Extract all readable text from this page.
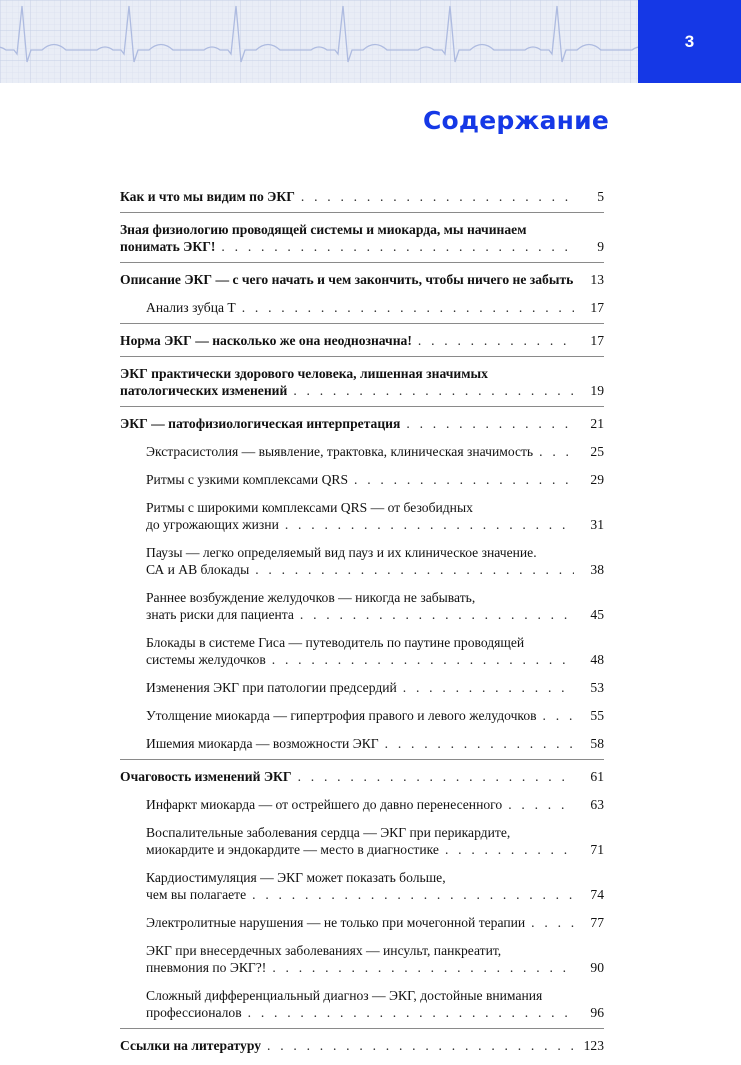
3
Содержание
Как и что мы видим по ЭКГ . . .	5
Зная физиологию проводящей системы и миокарда, мы начинаем
понимать ЭКГ! . . .	9
Описание ЭКГ — с чего начать и чем закончить, чтобы ничего не забыть . . .	13
Анализ зубца Т . . .	17
Норма ЭКГ — насколько же она неоднозначна! . . .	17
ЭКГ практически здорового человека, лишенная значимых
патологических изменений . . .	19
ЭКГ — патофизиологическая интерпретация . . .	21
Экстрасистолия — выявление, трактовка, клиническая значимость . . .	25
Ритмы с узкими комплексами QRS . . .	29
Ритмы с широкими комплексами QRS — от безобидных
до угрожающих жизни . . .	31
Паузы — легко определяемый вид пауз и их клиническое значение.
СА и АВ блокады . . .	38
Раннее возбуждение желудочков — никогда не забывать,
знать риски для пациента . . .	45
Блокады в системе Гиса — путеводитель по паутине проводящей
системы желудочков . . .	48
Изменения ЭКГ при патологии предсердий . . .	53
Утолщение миокарда — гипертрофия правого и левого желудочков . . .	55
Ишемия миокарда — возможности ЭКГ . . .	58
Очаговость изменений ЭКГ . . .	61
Инфаркт миокарда — от острейшего до давно перенесенного . . .	63
Воспалительные заболевания сердца — ЭКГ при перикардите,
миокардите и эндокардите — место в диагностике . . .	71
Кардиостимуляция — ЭКГ может показать больше,
чем вы полагаете . . .	74
Электролитные нарушения — не только при мочегонной терапии . . .	77
ЭКГ при внесердечных заболеваниях — инсульт, панкреатит,
пневмония по ЭКГ?! . . .	90
Сложный дифференциальный диагноз — ЭКГ, достойные внимания
профессионалов . . .	96
Ссылки на литературу . . .	123
